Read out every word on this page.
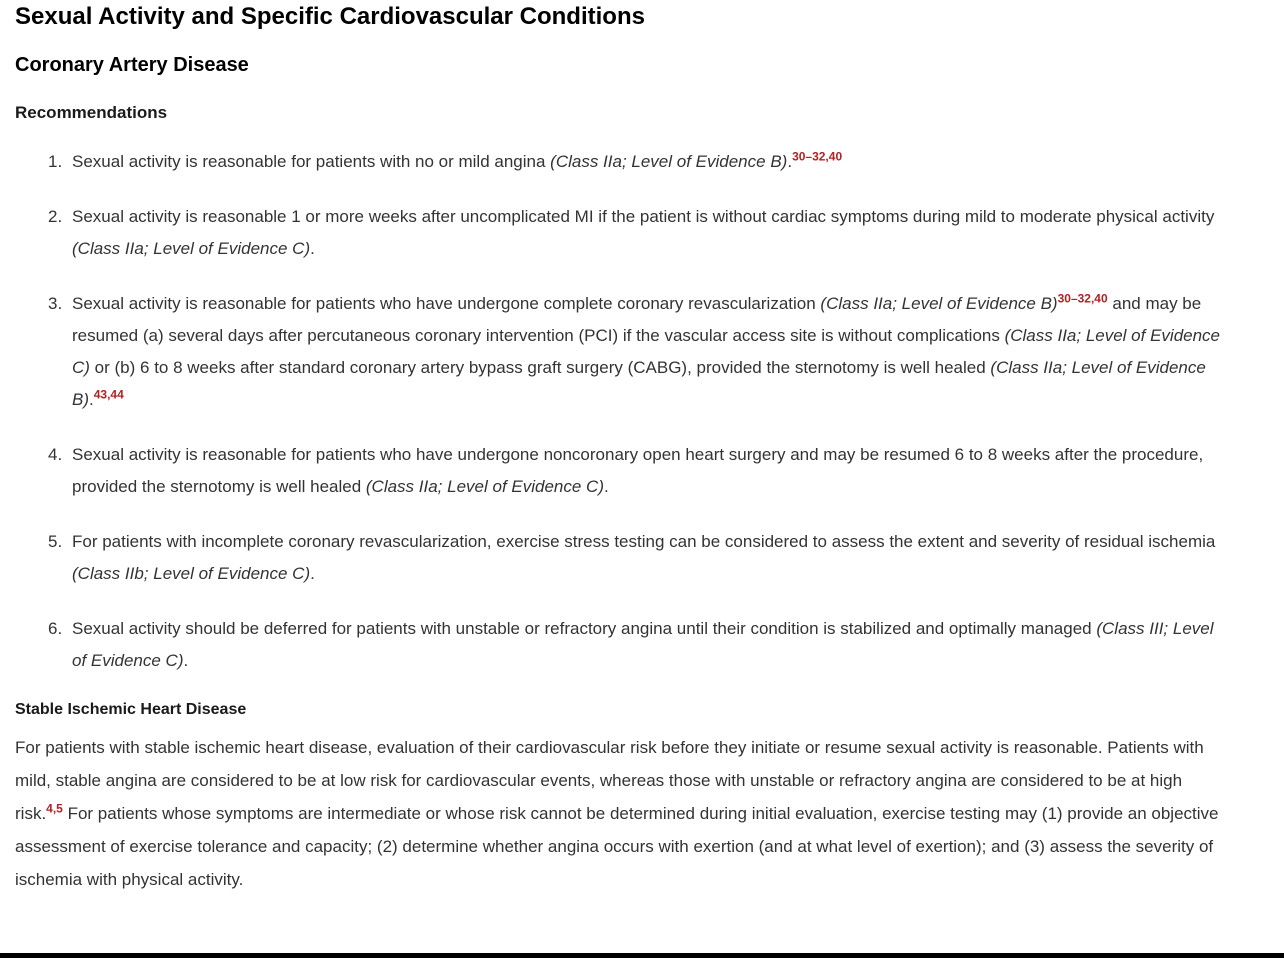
Sexual Activity and Specific Cardiovascular Conditions
Coronary Artery Disease
Recommendations
1. Sexual activity is reasonable for patients with no or mild angina (Class IIa; Level of Evidence B).$^{30-32,40}$
2. Sexual activity is reasonable 1 or more weeks after uncomplicated MI if the patient is without cardiac symptoms during mild to moderate physical activity (Class IIa; Level of Evidence C).
3. Sexual activity is reasonable for patients who have undergone complete coronary revascularization (Class IIa; Level of Evidence B)$^{30-32,40}$ and may be resumed (a) several days after percutaneous coronary intervention (PCI) if the vascular access site is without complications (Class IIa; Level of Evidence C) or (b) 6 to 8 weeks after standard coronary artery bypass graft surgery (CABG), provided the sternotomy is well healed (Class IIa; Level of Evidence B).$^{43,44}$
4. Sexual activity is reasonable for patients who have undergone noncoronary open heart surgery and may be resumed 6 to 8 weeks after the procedure, provided the sternotomy is well healed (Class IIa; Level of Evidence C).
5. For patients with incomplete coronary revascularization, exercise stress testing can be considered to assess the extent and severity of residual ischemia (Class IIb; Level of Evidence C).
6. Sexual activity should be deferred for patients with unstable or refractory angina until their condition is stabilized and optimally managed (Class III; Level of Evidence C).
Stable Ischemic Heart Disease

For patients with stable ischemic heart disease, evaluation of their cardiovascular risk before they initiate or resume sexual activity is reasonable. Patients with mild, stable angina are considered to be at low risk for cardiovascular events, whereas those with unstable or refractory angina are considered to be at high risk.$^{4,5}$ For patients whose symptoms are intermediate or whose risk cannot be determined during initial evaluation, exercise testing may (1) provide an objective assessment of exercise tolerance and capacity; (2) determine whether angina occurs with exertion (and at what level of exertion); and (3) assess the severity of ischemia with physical activity.
